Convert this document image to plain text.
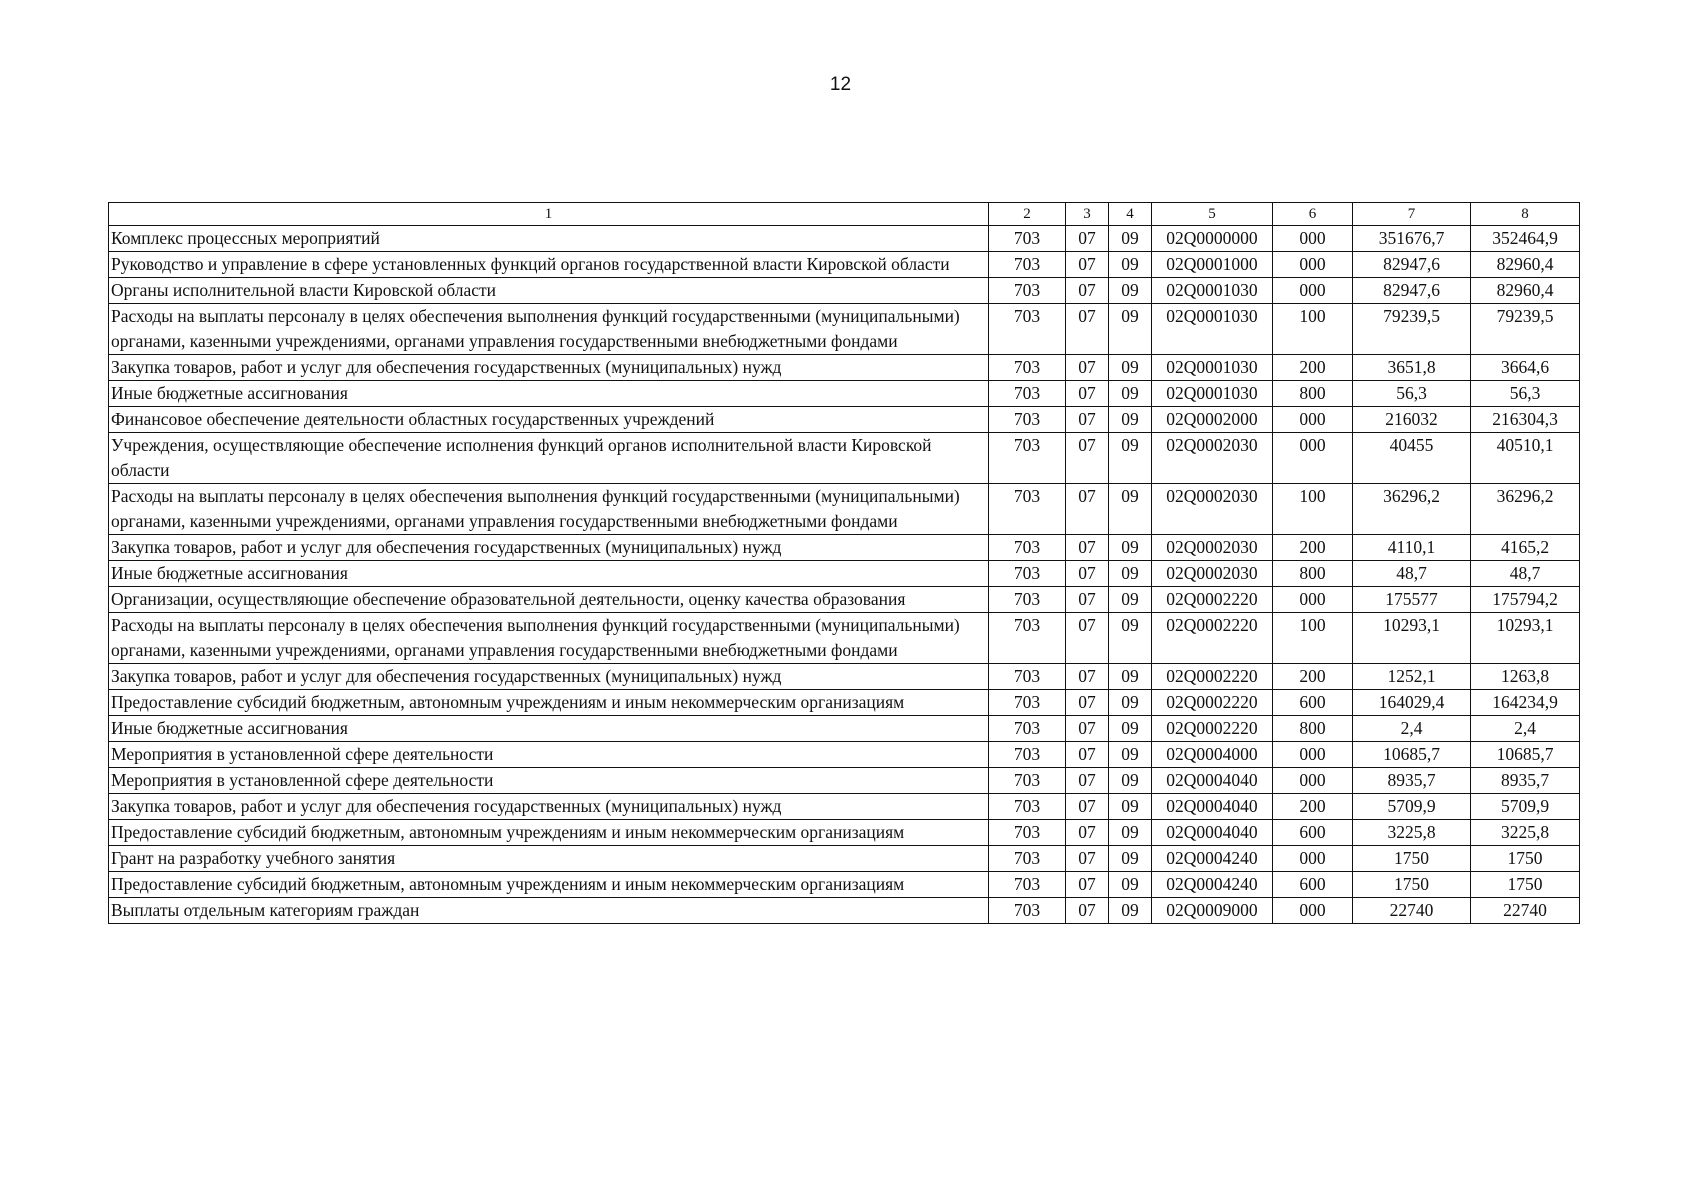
12
1	2	3	4	5	6	7	8
Комплекс процессных мероприятий	703	07	09	02Q0000000	000	351676,7	352464,9
Руководство и управление в сфере установленных функций органов государственной власти Кировской области	703	07	09	02Q0001000	000	82947,6	82960,4
Органы исполнительной власти Кировской области	703	07	09	02Q0001030	000	82947,6	82960,4
Расходы на выплаты персоналу в целях обеспечения выполнения функций государственными (муниципальными) органами, казенными учреждениями, органами управления государственными внебюджетными фондами	703	07	09	02Q0001030	100	79239,5	79239,5
Закупка товаров, работ и услуг для обеспечения государственных (муниципальных) нужд	703	07	09	02Q0001030	200	3651,8	3664,6
Иные бюджетные ассигнования	703	07	09	02Q0001030	800	56,3	56,3
Финансовое обеспечение деятельности областных государственных учреждений	703	07	09	02Q0002000	000	216032	216304,3
Учреждения, осуществляющие обеспечение исполнения функций органов исполнительной власти Кировской области	703	07	09	02Q0002030	000	40455	40510,1
Расходы на выплаты персоналу в целях обеспечения выполнения функций государственными (муниципальными) органами, казенными учреждениями, органами управления государственными внебюджетными фондами	703	07	09	02Q0002030	100	36296,2	36296,2
Закупка товаров, работ и услуг для обеспечения государственных (муниципальных) нужд	703	07	09	02Q0002030	200	4110,1	4165,2
Иные бюджетные ассигнования	703	07	09	02Q0002030	800	48,7	48,7
Организации, осуществляющие обеспечение образовательной деятельности, оценку качества образования	703	07	09	02Q0002220	000	175577	175794,2
Расходы на выплаты персоналу в целях обеспечения выполнения функций государственными (муниципальными) органами, казенными учреждениями, органами управления государственными внебюджетными фондами	703	07	09	02Q0002220	100	10293,1	10293,1
Закупка товаров, работ и услуг для обеспечения государственных (муниципальных) нужд	703	07	09	02Q0002220	200	1252,1	1263,8
Предоставление субсидий бюджетным, автономным учреждениям и иным некоммерческим организациям	703	07	09	02Q0002220	600	164029,4	164234,9
Иные бюджетные ассигнования	703	07	09	02Q0002220	800	2,4	2,4
Мероприятия в установленной сфере деятельности	703	07	09	02Q0004000	000	10685,7	10685,7
Мероприятия в установленной сфере деятельности	703	07	09	02Q0004040	000	8935,7	8935,7
Закупка товаров, работ и услуг для обеспечения государственных (муниципальных) нужд	703	07	09	02Q0004040	200	5709,9	5709,9
Предоставление субсидий бюджетным, автономным учреждениям и иным некоммерческим организациям	703	07	09	02Q0004040	600	3225,8	3225,8
Грант на разработку учебного занятия	703	07	09	02Q0004240	000	1750	1750
Предоставление субсидий бюджетным, автономным учреждениям и иным некоммерческим организациям	703	07	09	02Q0004240	600	1750	1750
Выплаты отдельным категориям граждан	703	07	09	02Q0009000	000	22740	22740
